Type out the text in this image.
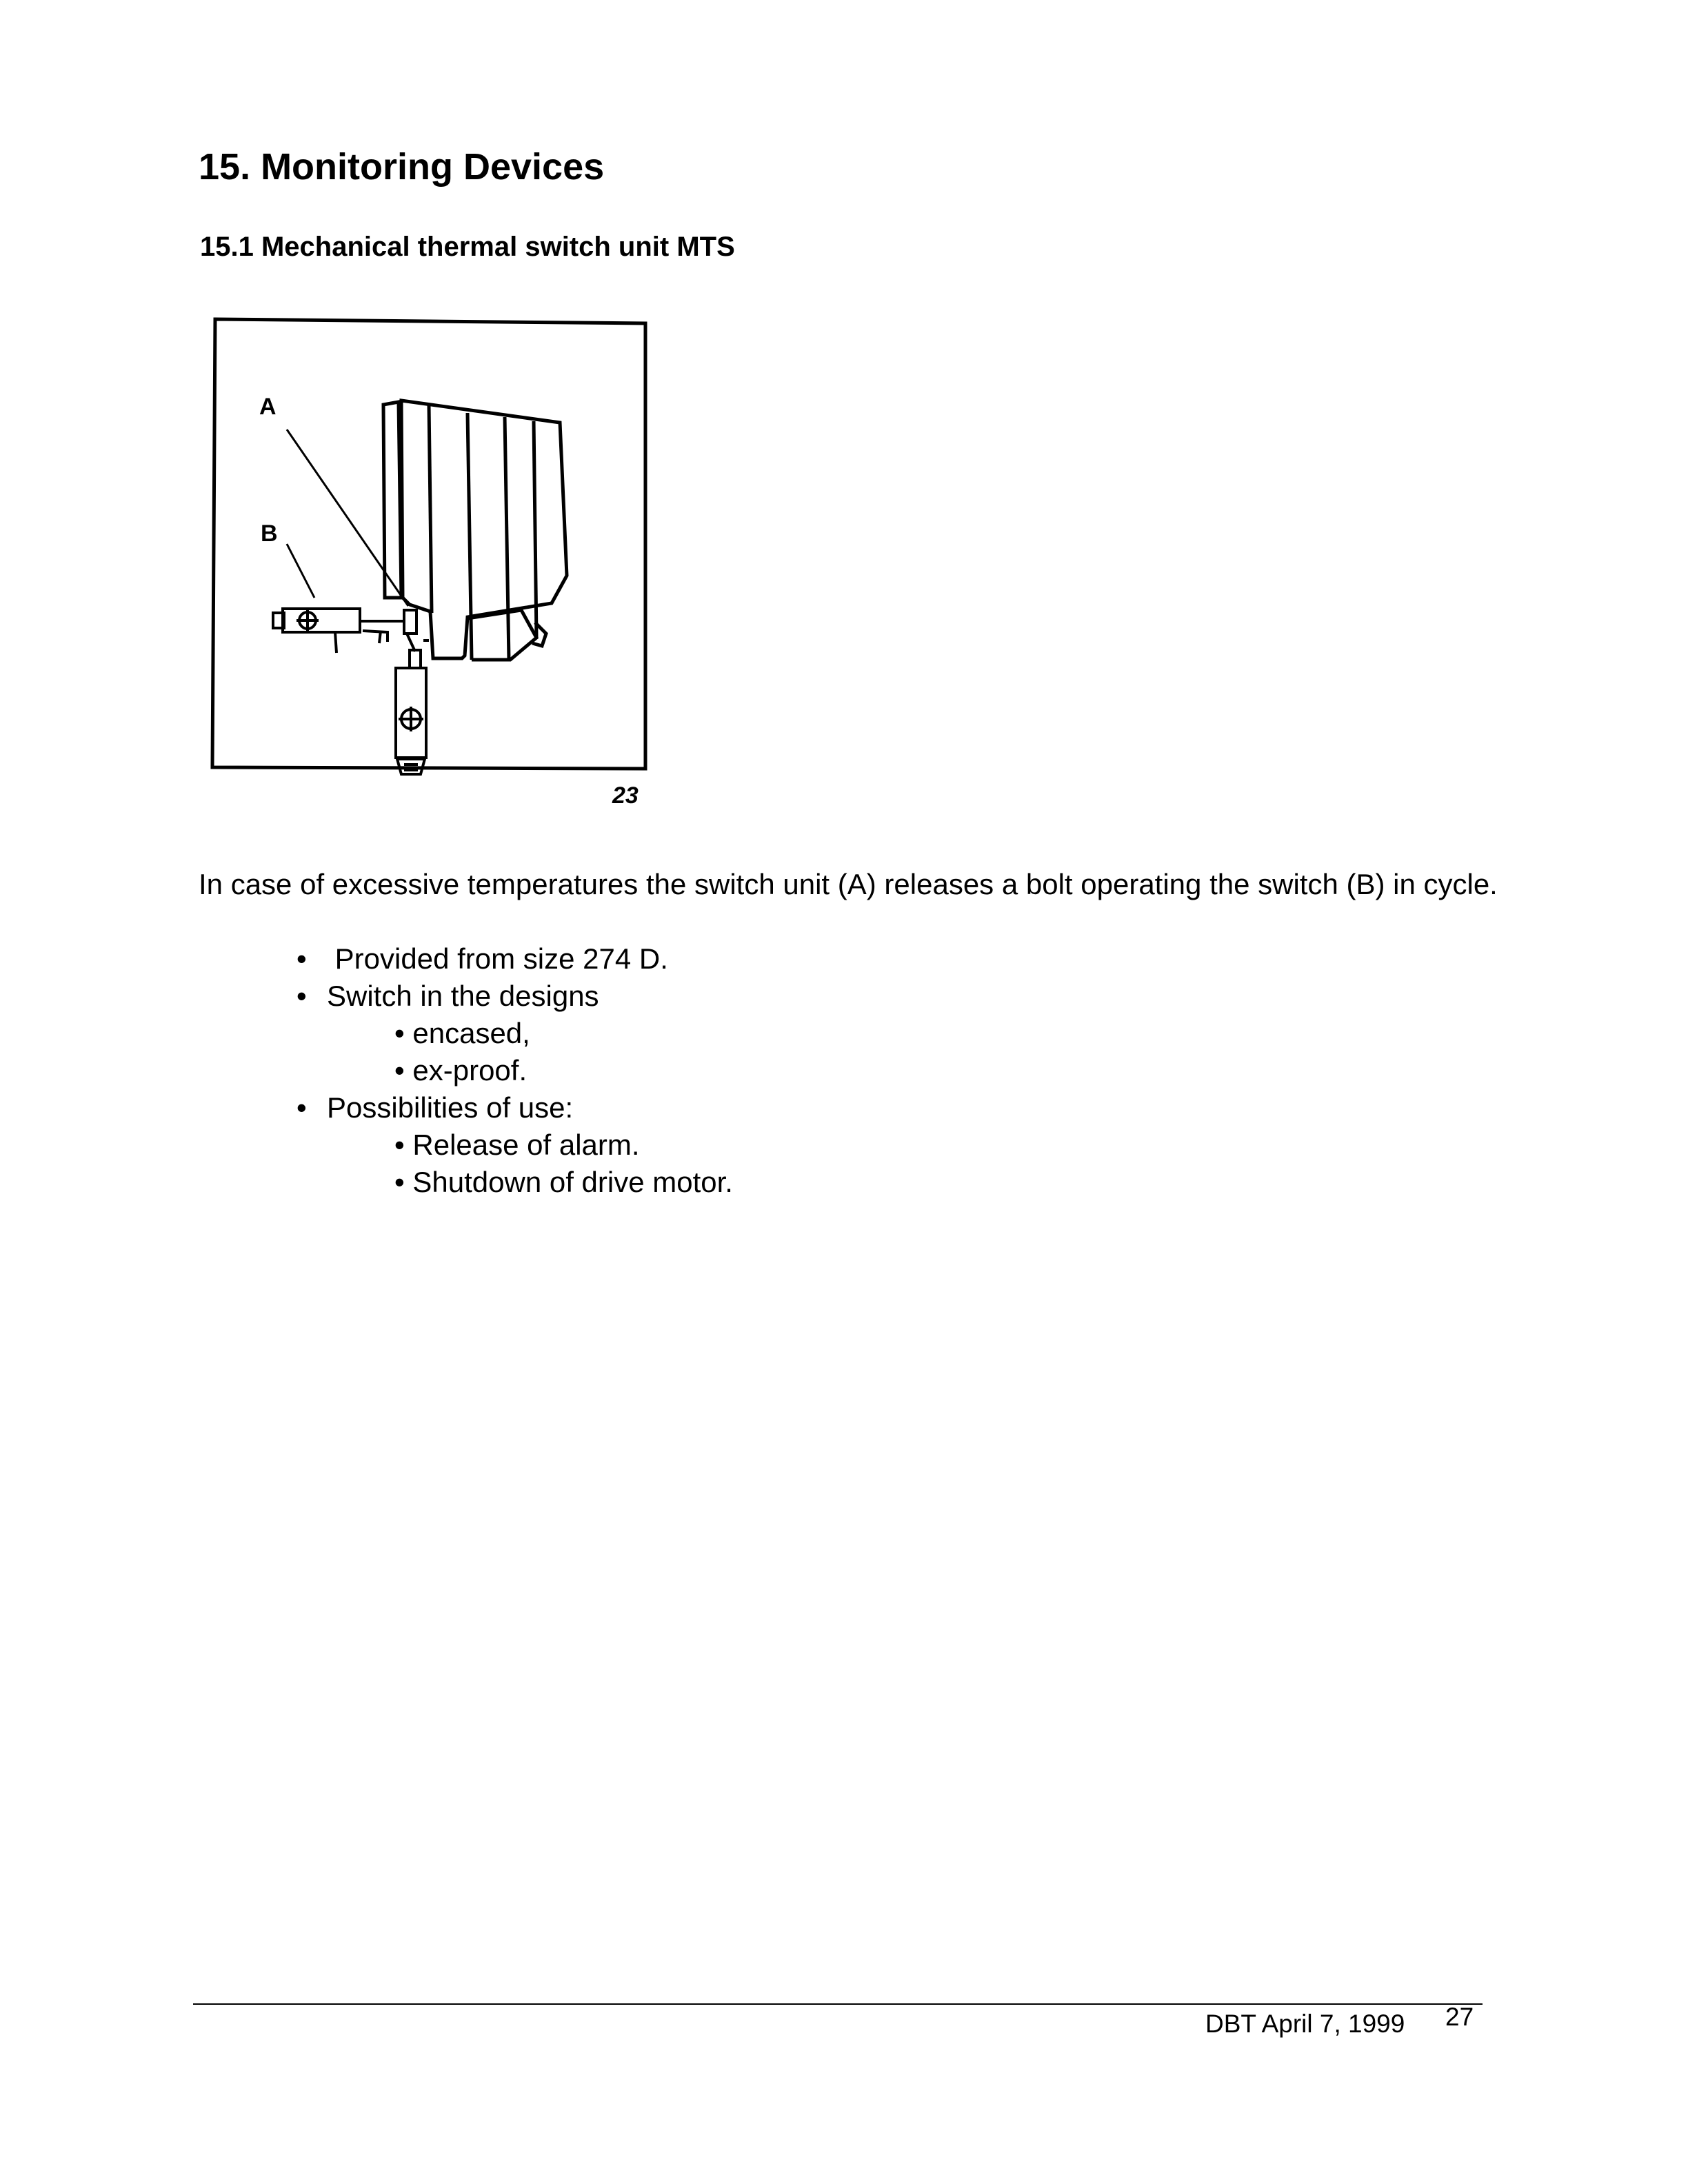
15. Monitoring Devices
15.1 Mechanical thermal switch unit MTS
A
B
23
In case of excessive temperatures the switch unit (A) releases a bolt operating the switch (B) in cycle.
• Provided from size 274 D.
• Switch in the designs
• encased,
• ex-proof.
• Possibilities of use:
• Release of alarm.
• Shutdown of drive motor.
DBT April 7, 1999 27
